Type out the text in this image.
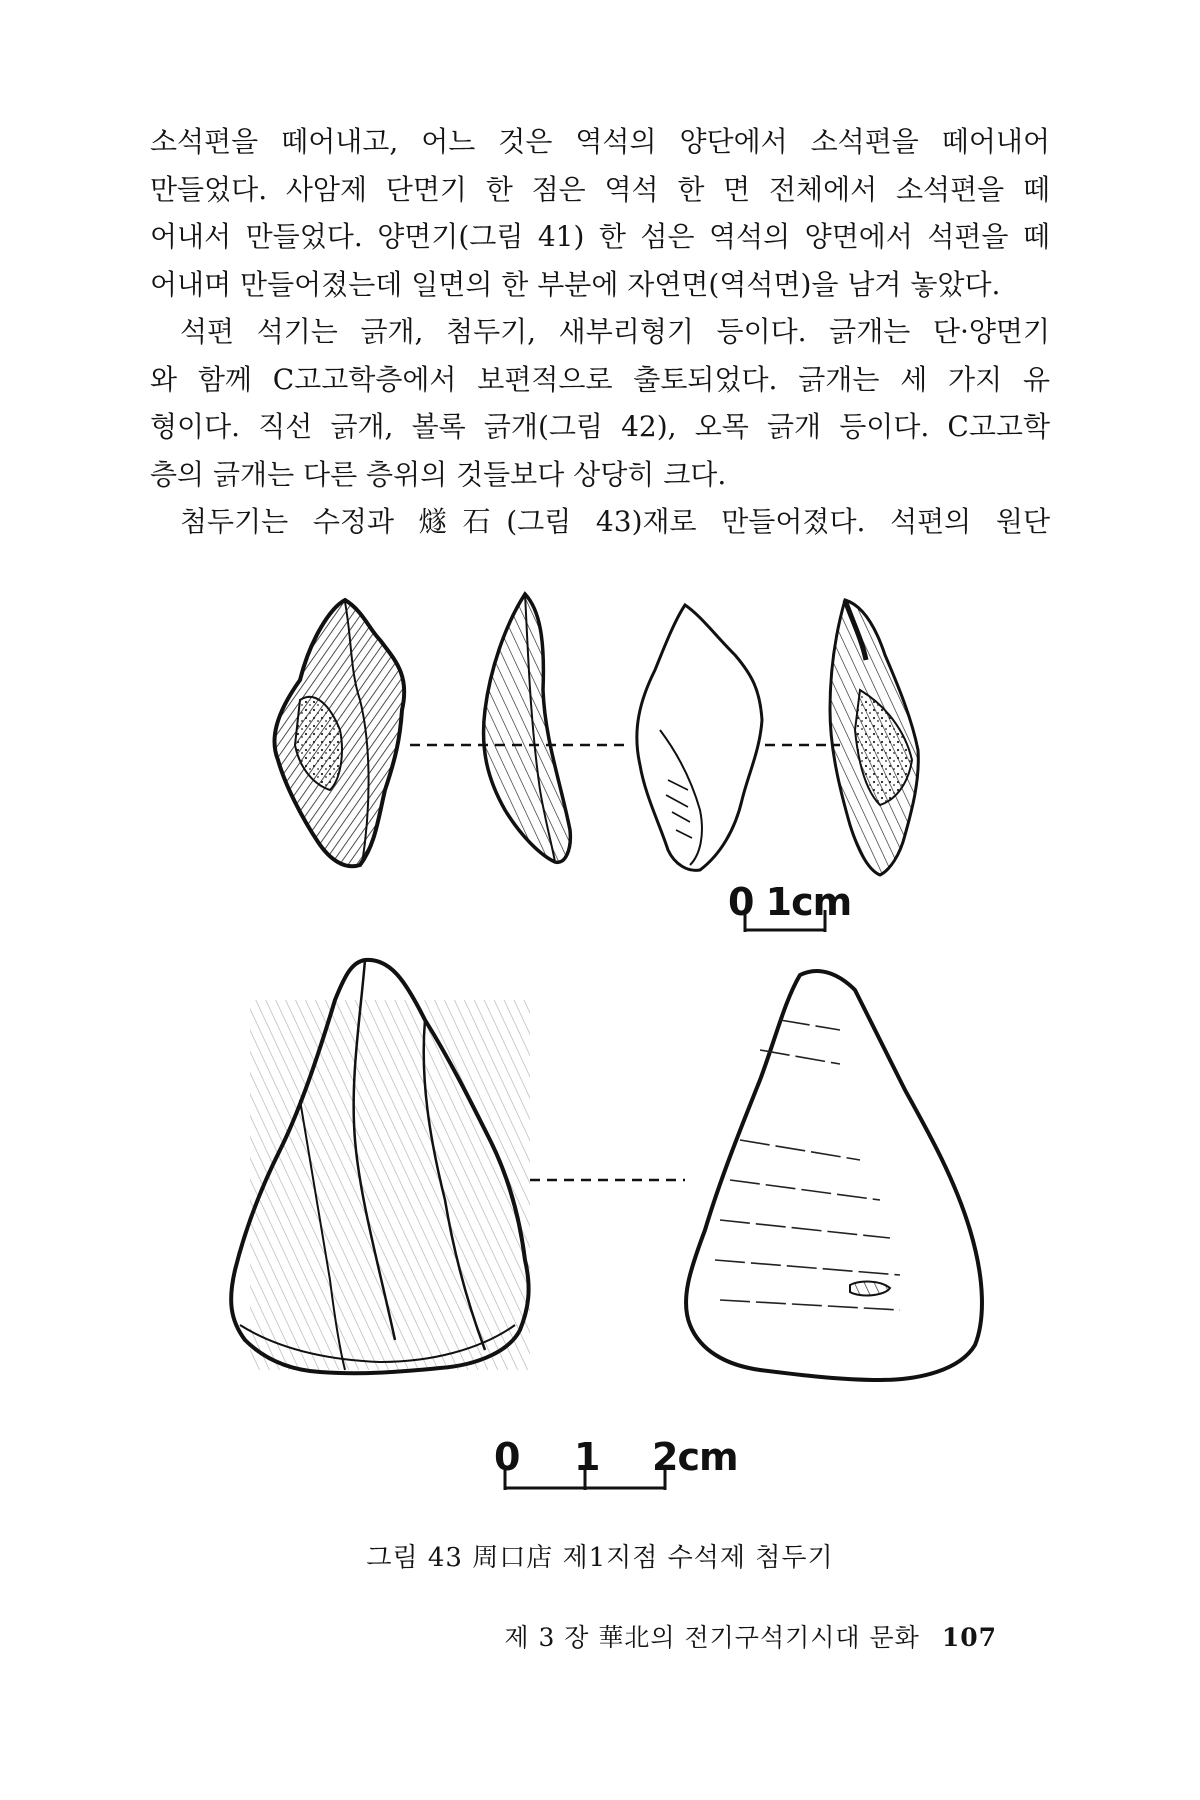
소석편을 떼어내고, 어느 것은 역석의 양단에서 소석편을 떼어내어
만들었다. 사암제 단면기 한 점은 역석 한 면 전체에서 소석편을 떼
어내서 만들었다. 양면기(그림 41) 한 섬은 역석의 양면에서 석편을 떼
어내며 만들어졌는데 일면의 한 부분에 자연면(역석면)을 남겨 놓았다.
석편 석기는 긁개, 첨두기, 새부리형기 등이다. 긁개는 단·양면기
와 함께 C고고학층에서 보편적으로 출토되었다. 긁개는 세 가지 유
형이다. 직선 긁개, 볼록 긁개(그림 42), 오목 긁개 등이다. C고고학
층의 긁개는 다른 층위의 것들보다 상당히 크다.
첨두기는 수정과 燧石(그림 43)재로 만들어졌다. 석편의 원단
0 1cm
0 1 2cm
그림 43 周口店 제1지점 수석제 첨두기
제 3 장 華北의 전기구석기시대 문화 107
